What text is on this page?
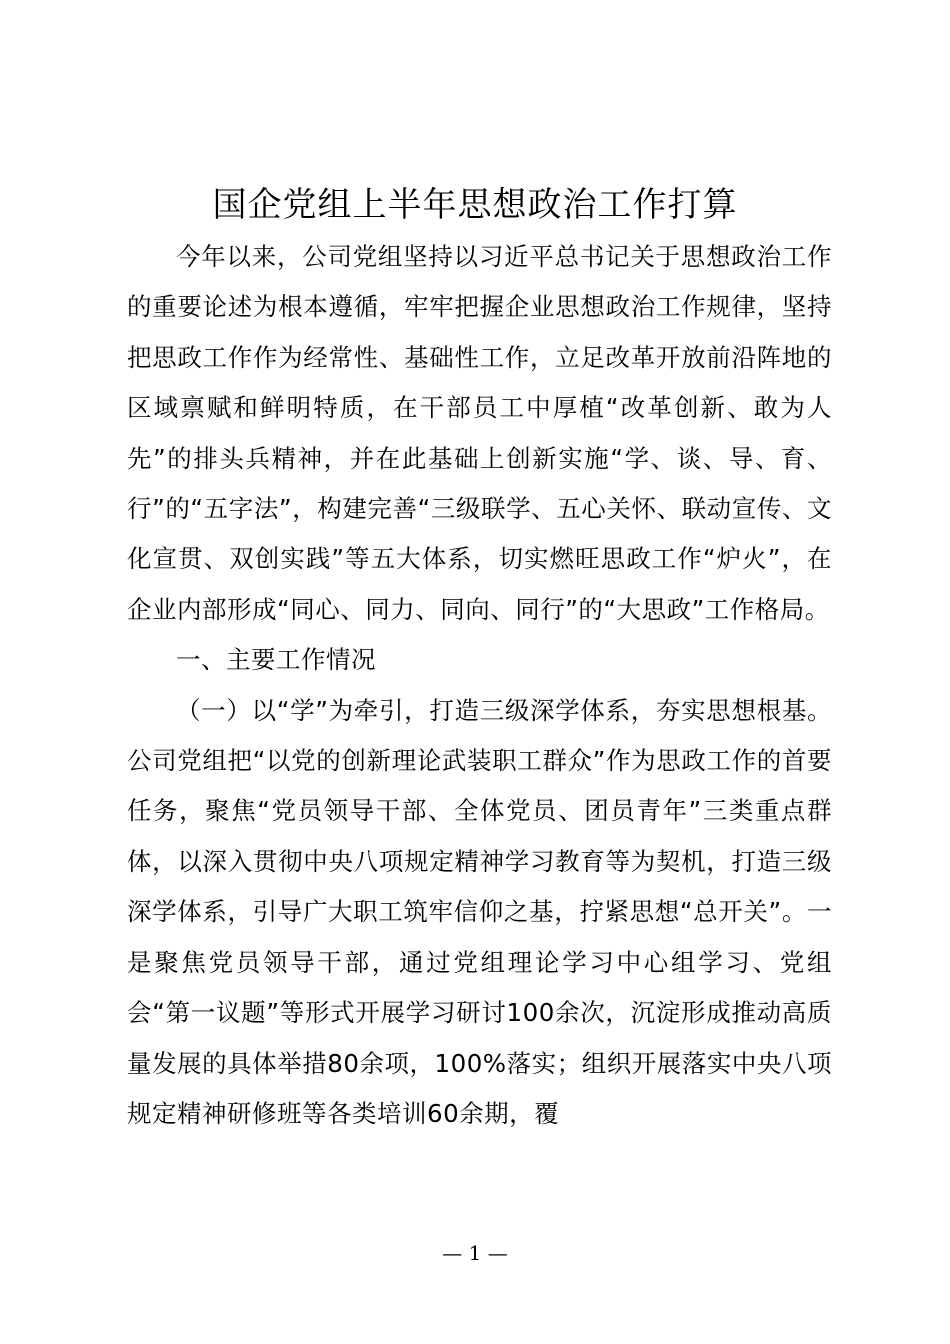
国企党组上半年思想政治工作打算

今年以来，公司党组坚持以习近平总书记关于思想政治工作的重要论述为根本遵循，牢牢把握企业思想政治工作规律，坚持把思政工作作为经常性、基础性工作，立足改革开放前沿阵地的区域禀赋和鲜明特质，在干部员工中厚植“改革创新、敢为人先”的排头兵精神，并在此基础上创新实施“学、谈、导、育、行”的“五字法”，构建完善“三级联学、五心关怀、联动宣传、文化宣贯、双创实践”等五大体系，切实燃旺思政工作“炉火”，在企业内部形成“同心、同力、同向、同行”的“大思政”工作格局。

一、主要工作情况

（一）以“学”为牵引，打造三级深学体系，夯实思想根基。公司党组把“以党的创新理论武装职工群众”作为思政工作的首要任务，聚焦“党员领导干部、全体党员、团员青年”三类重点群体，以深入贯彻中央八项规定精神学习教育等为契机，打造三级深学体系，引导广大职工筑牢信仰之基，拧紧思想“总开关”。一是聚焦党员领导干部，通过党组理论学习中心组学习、党组会“第一议题”等形式开展学习研讨100余次，沉淀形成推动高质量发展的具体举措80余项，100%落实；组织开展落实中央八项规定精神研修班等各类培训60余期，覆

— 1 —
